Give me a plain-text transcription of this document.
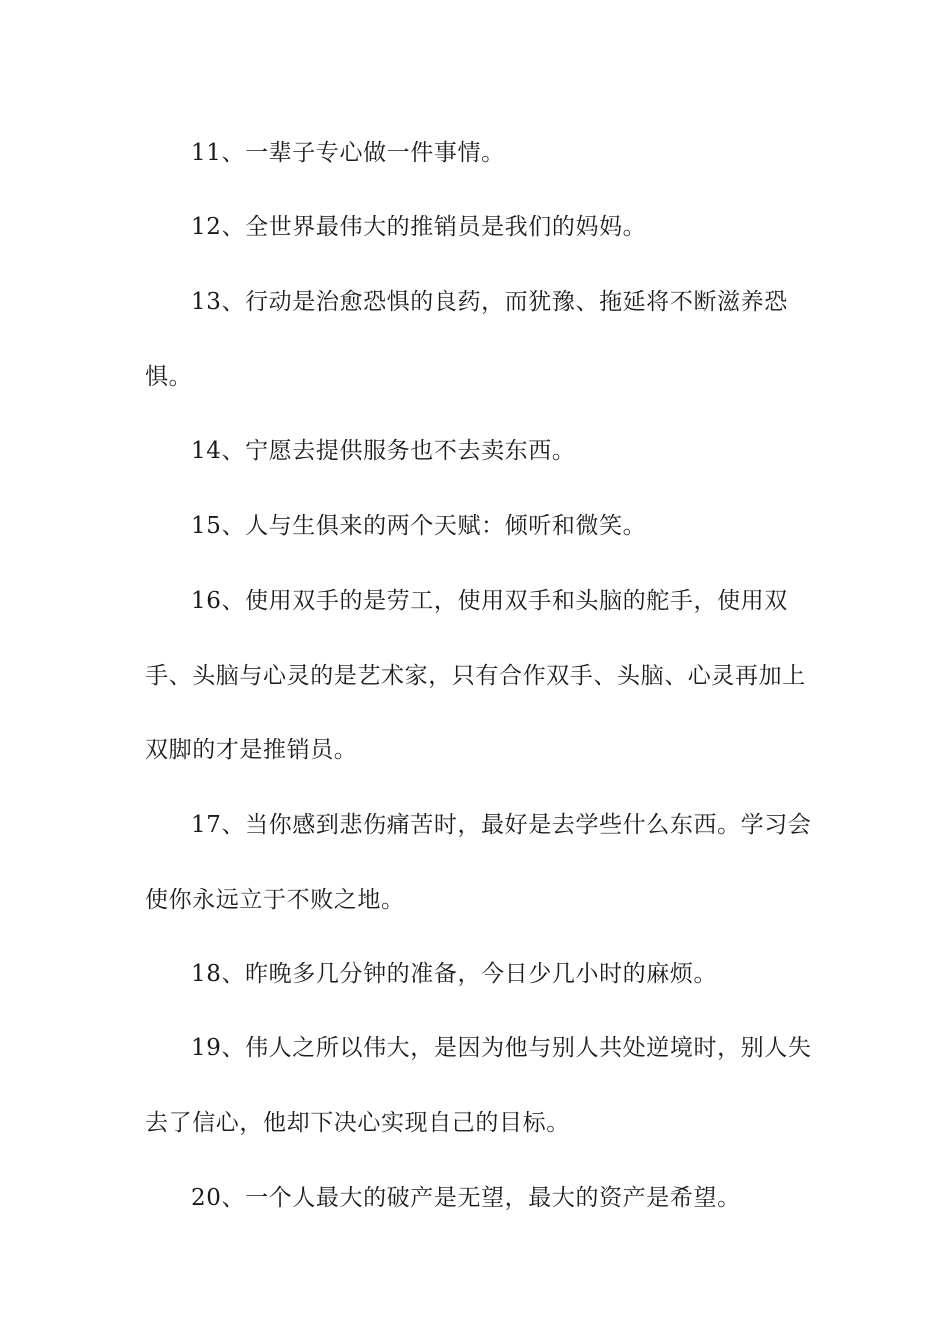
11、一辈子专心做一件事情。

12、全世界最伟大的推销员是我们的妈妈。

13、行动是治愈恐惧的良药，而犹豫、拖延将不断滋养恐惧。

14、宁愿去提供服务也不去卖东西。

15、人与生俱来的两个天赋：倾听和微笑。

16、使用双手的是劳工，使用双手和头脑的舵手，使用双手、头脑与心灵的是艺术家，只有合作双手、头脑、心灵再加上双脚的才是推销员。

17、当你感到悲伤痛苦时，最好是去学些什么东西。学习会使你永远立于不败之地。

18、昨晚多几分钟的准备，今日少几小时的麻烦。

19、伟人之所以伟大，是因为他与别人共处逆境时，别人失去了信心，他却下决心实现自己的目标。

20、一个人最大的破产是无望，最大的资产是希望。
